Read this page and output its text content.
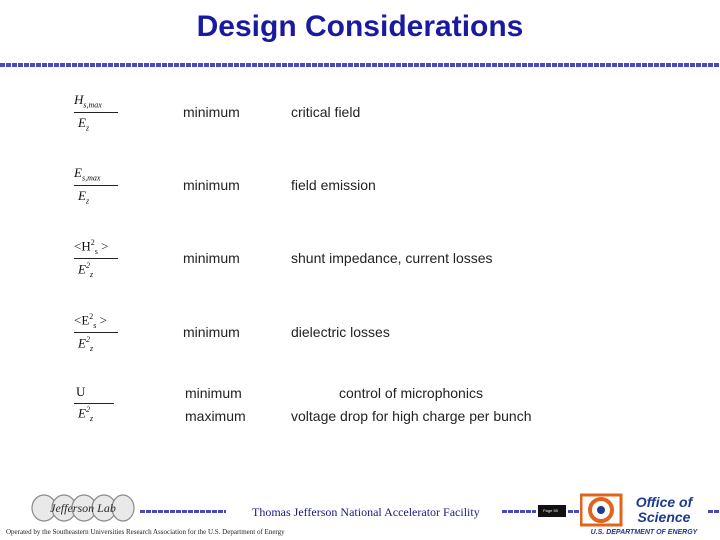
Design Considerations
$H_{s,max}$
$E_z$
minimum	critical field
$E_{s,max}$
$E_z$
minimum	field emission
$<H^2_s$ >
$E^2_z$
minimum	shunt impedance, current losses
$<E^2_s$ >
$E^2_z$
minimum	dielectric losses
U
$E^2_z$
minimum	control of microphonics
maximum	voltage drop for high charge per bunch
Jefferson Lab	Thomas Jefferson National Accelerator Facility
Operated by the Southeastern Universities Research Association for the U.S. Department of Energy
Page 55
Office of
Science
U.S. DEPARTMENT OF ENERGY
